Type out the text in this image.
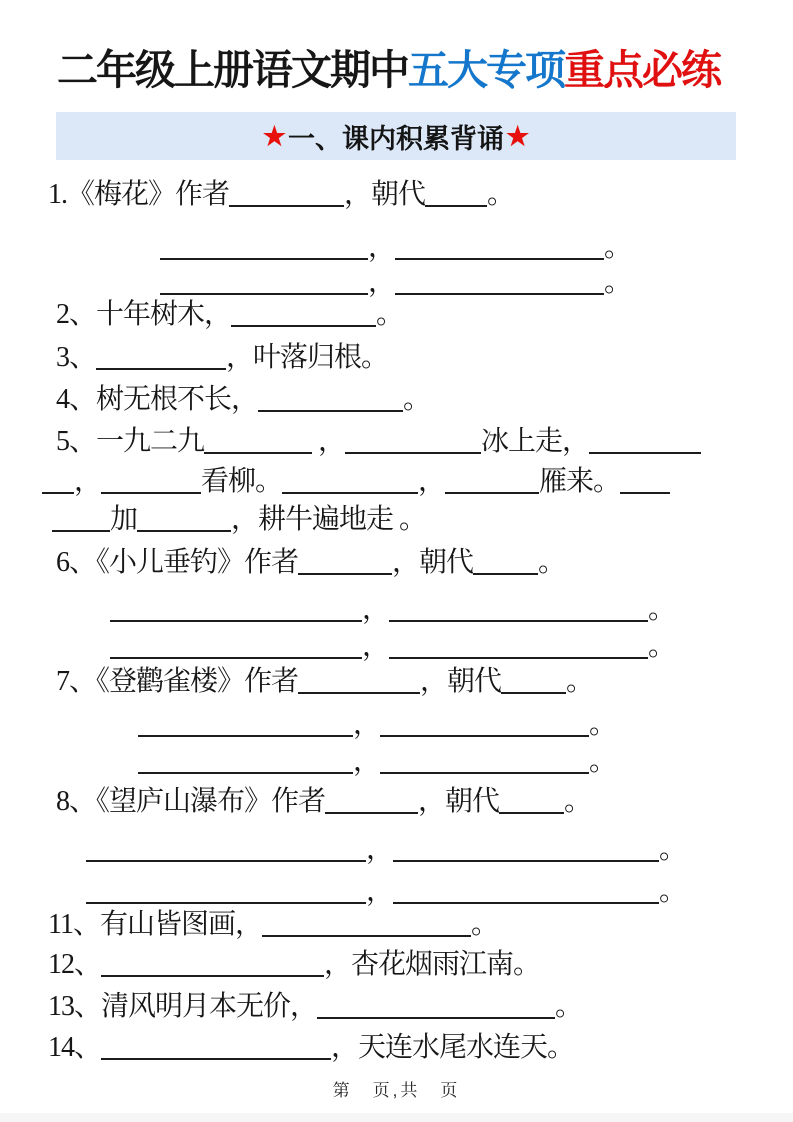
二年级上册语文期中五大专项重点必练
★ 一、课内积累背诵 ★
1.《梅花》作者	，朝代 。
，	。
，	。
2、十年树木，	。
3、	，叶落归根。
4、树无根不长，	。
5、一九二九	，	冰上走，
，	看柳。	，	雁来。
加	，耕牛遍地走 。
6、《小儿垂钓》作者	，朝代 。
，	。
，	。
7、《登鹳雀楼》作者	，朝代 。
，	。
，	。
8、《望庐山瀑布》作者	，朝代 。
，	。
，	。
11、有山皆图画，	。
12、	，杏花烟雨江南。
13、清风明月本无价，	。
14、	，天连水尾水连天。
第　页,共　页
